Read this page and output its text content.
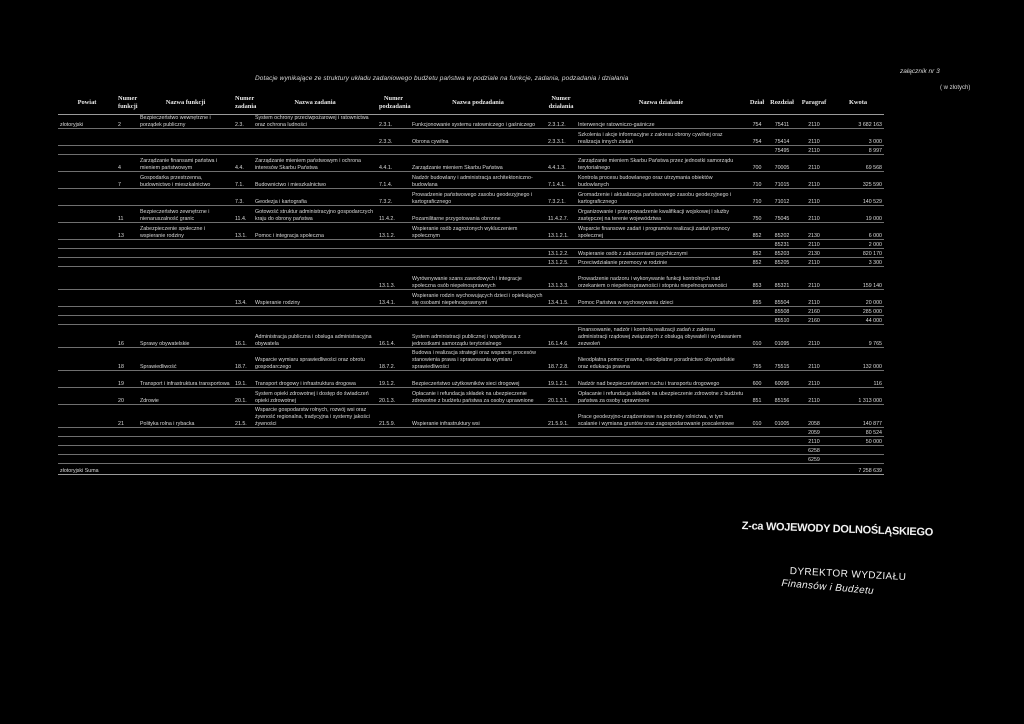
załącznik nr 3
Dotacje wynikające ze struktury układu zadaniowego budżetu państwa w podziale na funkcje, zadania, podzadania i działania
( w złotych)
Powiat	Numer funkcji	Nazwa funkcji	Numer zadania	Nazwa zadania	Numer podzadania	Nazwa podzadania	Numer działania	Nazwa działanie	Dział	Rozdział	Paragraf	Kwota
złotoryjski	2	Bezpieczeństwo wewnętrzne i porządek publiczny	2.3.	System ochrony przeciwpożarowej i ratownictwa oraz ochrona ludności	2.3.1.	Funkcjonowanie systemu ratowniczego i gaśniczego	2.3.1.2.	Interwencje ratowniczo-gaśnicze	754	75411	2110	3 682 163
					2.3.3.	Obrona cywilna	2.3.3.1.	Szkolenia i akcje informacyjne z zakresu obrony cywilnej oraz realizacja innych zadań	754	75414	2110	3 000
										75495	2110	8 997
	4	Zarządzanie finansami państwa i mieniem państwowym	4.4.	Zarządzanie mieniem państwowym i ochrona interesów Skarbu Państwa	4.4.1.	Zarządzanie mieniem Skarbu Państwa	4.4.1.3.	Zarządzanie mieniem Skarbu Państwa przez jednostki samorządu terytorialnego	700	70005	2110	69 568
	7	Gospodarka przestrzenna, budownictwo i mieszkalnictwo	7.1.	Budownictwo i mieszkalnictwo	7.1.4.	Nadzór budowlany i administracja architektoniczno-budowlana	7.1.4.1.	Kontrola procesu budowlanego oraz utrzymania obiektów budowlanych	710	71015	2110	325 590
			7.3.	Geodezja i kartografia	7.3.2.	Prowadzenie państwowego zasobu geodezyjnego i kartograficznego	7.3.2.1.	Gromadzenie i aktualizacja państwowego zasobu geodezyjnego i kartograficznego	710	71012	2110	140 529
	11	Bezpieczeństwo zewnętrzne i nienaruszalność granic	11.4.	Gotowość struktur administracyjno gospodarczych kraju do obrony państwa	11.4.2.	Pozamilitarne przygotowania obronne	11.4.2.7.	Organizowanie i przeprowadzenie kwalifikacji wojskowej i służby zastępczej na terenie województwa	750	75045	2110	19 000
	13	Zabezpieczenie społeczne i wspieranie rodziny	13.1.	Pomoc i integracja społeczna	13.1.2.	Wspieranie osób zagrożonych wykluczeniem społecznym	13.1.2.1.	Wsparcie finansowe zadań i programów realizacji zadań pomocy społecznej	852	85202	2130	6 000
										85231	2110	2 000
							13.1.2.2.	Wspieranie osób z zaburzeniami psychicznymi	852	85203	2130	820 170
							13.1.2.5.	Przeciwdziałanie przemocy w rodzinie	852	85205	2110	3 300
					13.1.3.	Wyrównywanie szans zawodowych i integracje społeczna osób niepełnosprawnych	13.1.3.3.	Prowadzenie nadzoru i wykonywanie funkcji kontrolnych nad orzekaniem o niepełnosprawności i stopniu niepełnosprawności	853	85321	2110	159 140
			13.4.	Wspieranie rodziny	13.4.1.	Wspieranie rodzin wychowujących dzieci i opiekujących się osobami niepełnosprawnymi	13.4.1.5.	Pomoc Państwa w wychowywaniu dzieci	855	85504	2110	20 000
										85508	2160	285 000
										85510	2160	44 000
	16	Sprawy obywatelskie	16.1.	Administracja publiczna i obsługa administracyjna obywatela	16.1.4.	System administracji publicznej i współpraca z jednostkami samorządu terytorialnego	16.1.4.6.	Finansowanie, nadzór i kontrola realizacji zadań z zakresu administracji rządowej związanych z obsługą obywateli i wydawaniem zezwoleń	010	01095	2110	9 765
	18	Sprawiedliwość	18.7.	Wsparcie wymiaru sprawiedliwości oraz obrotu gospodarczego	18.7.2.	Budowa i realizacja strategii oraz wsparcie procesów stanowienia prawa i sprawowania wymiaru sprawiedliwości	18.7.2.8.	Nieodpłatna pomoc prawna, nieodpłatne poradnictwo obywatelskie oraz edukacja prawna	755	75515	2110	132 000
	19	Transport i infrastruktura transportowa	19.1.	Transport drogowy i infrastruktura drogowa	19.1.2.	Bezpieczeństwo użytkowników sieci drogowej	19.1.2.1.	Nadzór nad bezpieczeństwem ruchu i transportu drogowego	600	60095	2110	116
	20	Zdrowie	20.1.	System opieki zdrowotnej i dostęp do świadczeń opieki zdrowotnej	20.1.3.	Opłacanie i refundacja składek na ubezpieczenie zdrowotne z budżetu państwa za osoby uprawnione	20.1.3.1.	Opłacanie i refundacja składek na ubezpieczenie zdrowotne z budżetu państwa za osoby uprawnione	851	85156	2110	1 313 000
	21	Polityka rolna i rybacka	21.5.	Wsparcie gospodarstw rolnych, rozwój wsi oraz żywność regionalna, tradycyjna i systemy jakości żywności	21.5.9.	Wspieranie infrastruktury wsi	21.5.9.1.	Prace geodezyjno-urządzeniowe na potrzeby rolnictwa, w tym scalanie i wymiana gruntów oraz zagospodarowanie poscaleniowe	010	01005	2058	140 877
											2059	80 524
											2110	50 000
											6258	
											6259	
złotoryjski Suma												7 258 639
Z-ca WOJEWODY DOLNOŚLĄSKIEGO
DYREKTOR WYDZIAŁU
Finansów i Budżetu
